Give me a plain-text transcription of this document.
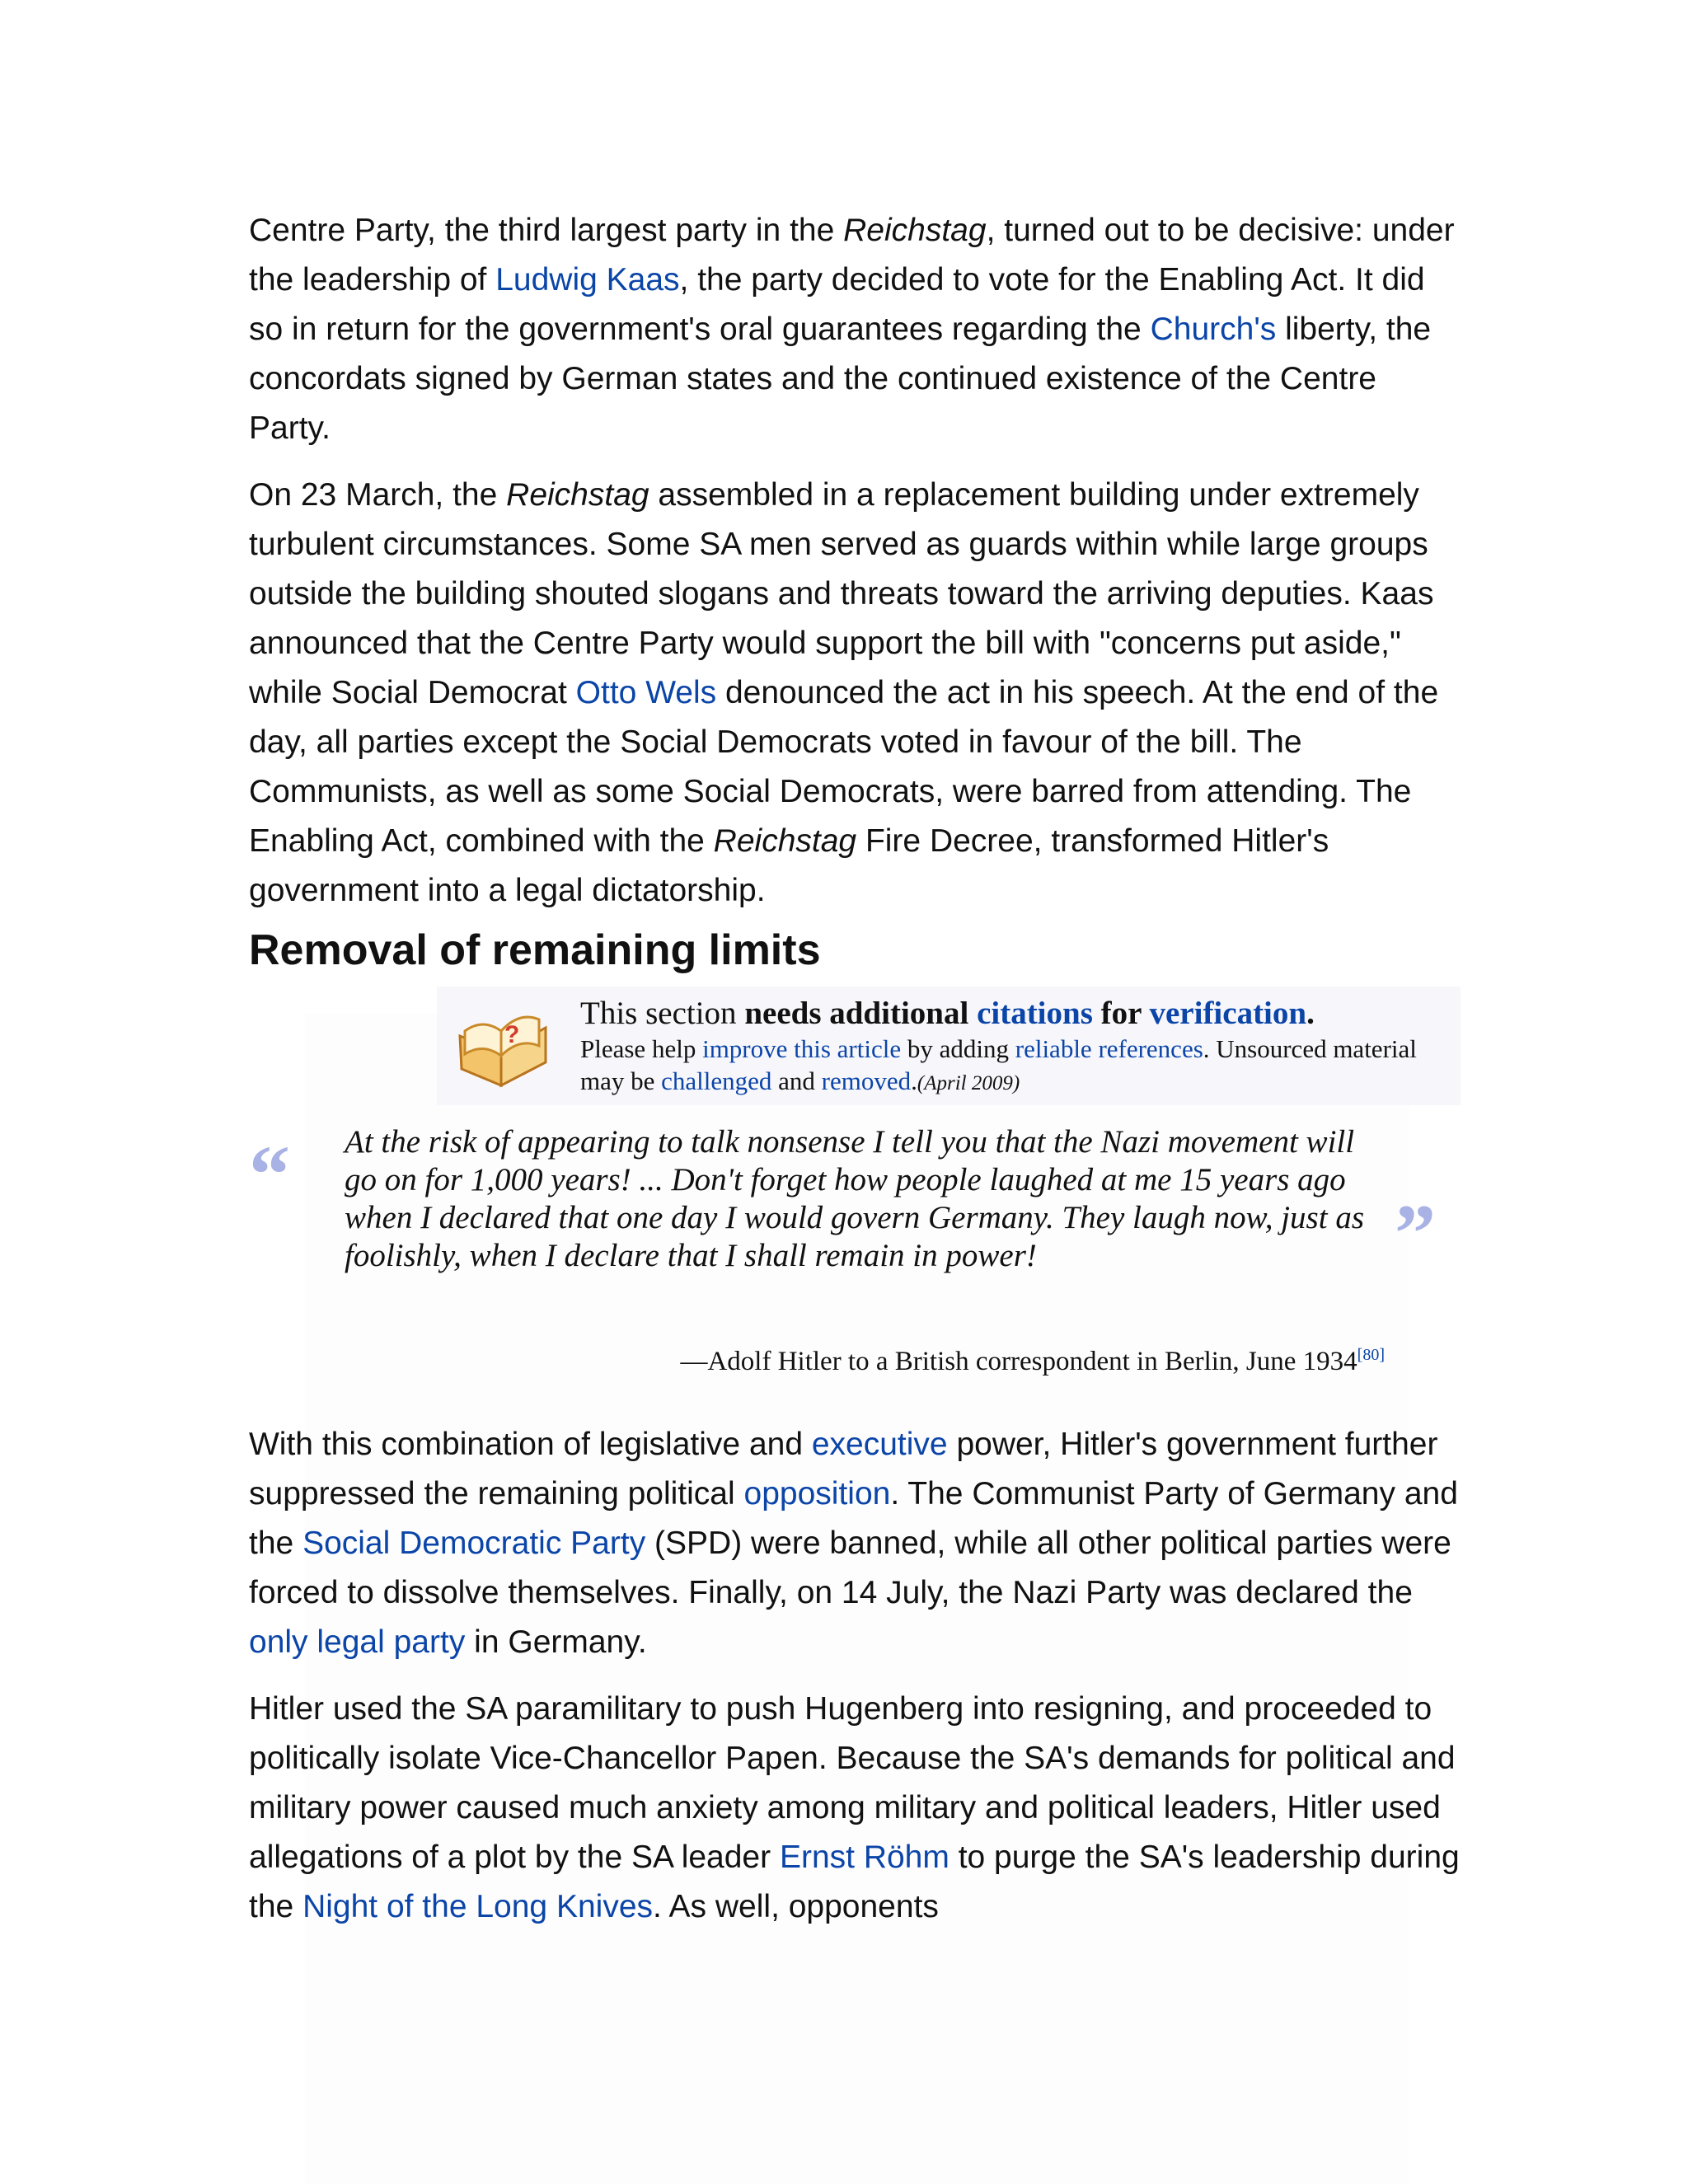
Centre Party, the third largest party in the Reichstag, turned out to be decisive: under the leadership of Ludwig Kaas, the party decided to vote for the Enabling Act. It did so in return for the government's oral guarantees regarding the Church's liberty, the concordats signed by German states and the continued existence of the Centre Party.

On 23 March, the Reichstag assembled in a replacement building under extremely turbulent circumstances. Some SA men served as guards within while large groups outside the building shouted slogans and threats toward the arriving deputies. Kaas announced that the Centre Party would support the bill with "concerns put aside," while Social Democrat Otto Wels denounced the act in his speech. At the end of the day, all parties except the Social Democrats voted in favour of the bill. The Communists, as well as some Social Democrats, were barred from attending. The Enabling Act, combined with the Reichstag Fire Decree, transformed Hitler's government into a legal dictatorship.

Removal of remaining limits
?
This section needs additional citations for verification.
Please help improve this article by adding reliable references. Unsourced material may be challenged and removed.(April 2009)
“ At the risk of appearing to talk nonsense I tell you that the Nazi movement will go on for 1,000 years! ... Don't forget how people laughed at me 15 years ago when I declared that one day I would govern Germany. They laugh now, just as foolishly, when I declare that I shall remain in power!	”
—Adolf Hitler to a British correspondent in Berlin, June 1934[80]

With this combination of legislative and executive power, Hitler's government further suppressed the remaining political opposition. The Communist Party of Germany and the Social Democratic Party (SPD) were banned, while all other political parties were forced to dissolve themselves. Finally, on 14 July, the Nazi Party was declared the only legal party in Germany.

Hitler used the SA paramilitary to push Hugenberg into resigning, and proceeded to politically isolate Vice-Chancellor Papen. Because the SA's demands for political and military power caused much anxiety among military and political leaders, Hitler used allegations of a plot by the SA leader Ernst Röhm to purge the SA's leadership during the Night of the Long Knives. As well, opponents
